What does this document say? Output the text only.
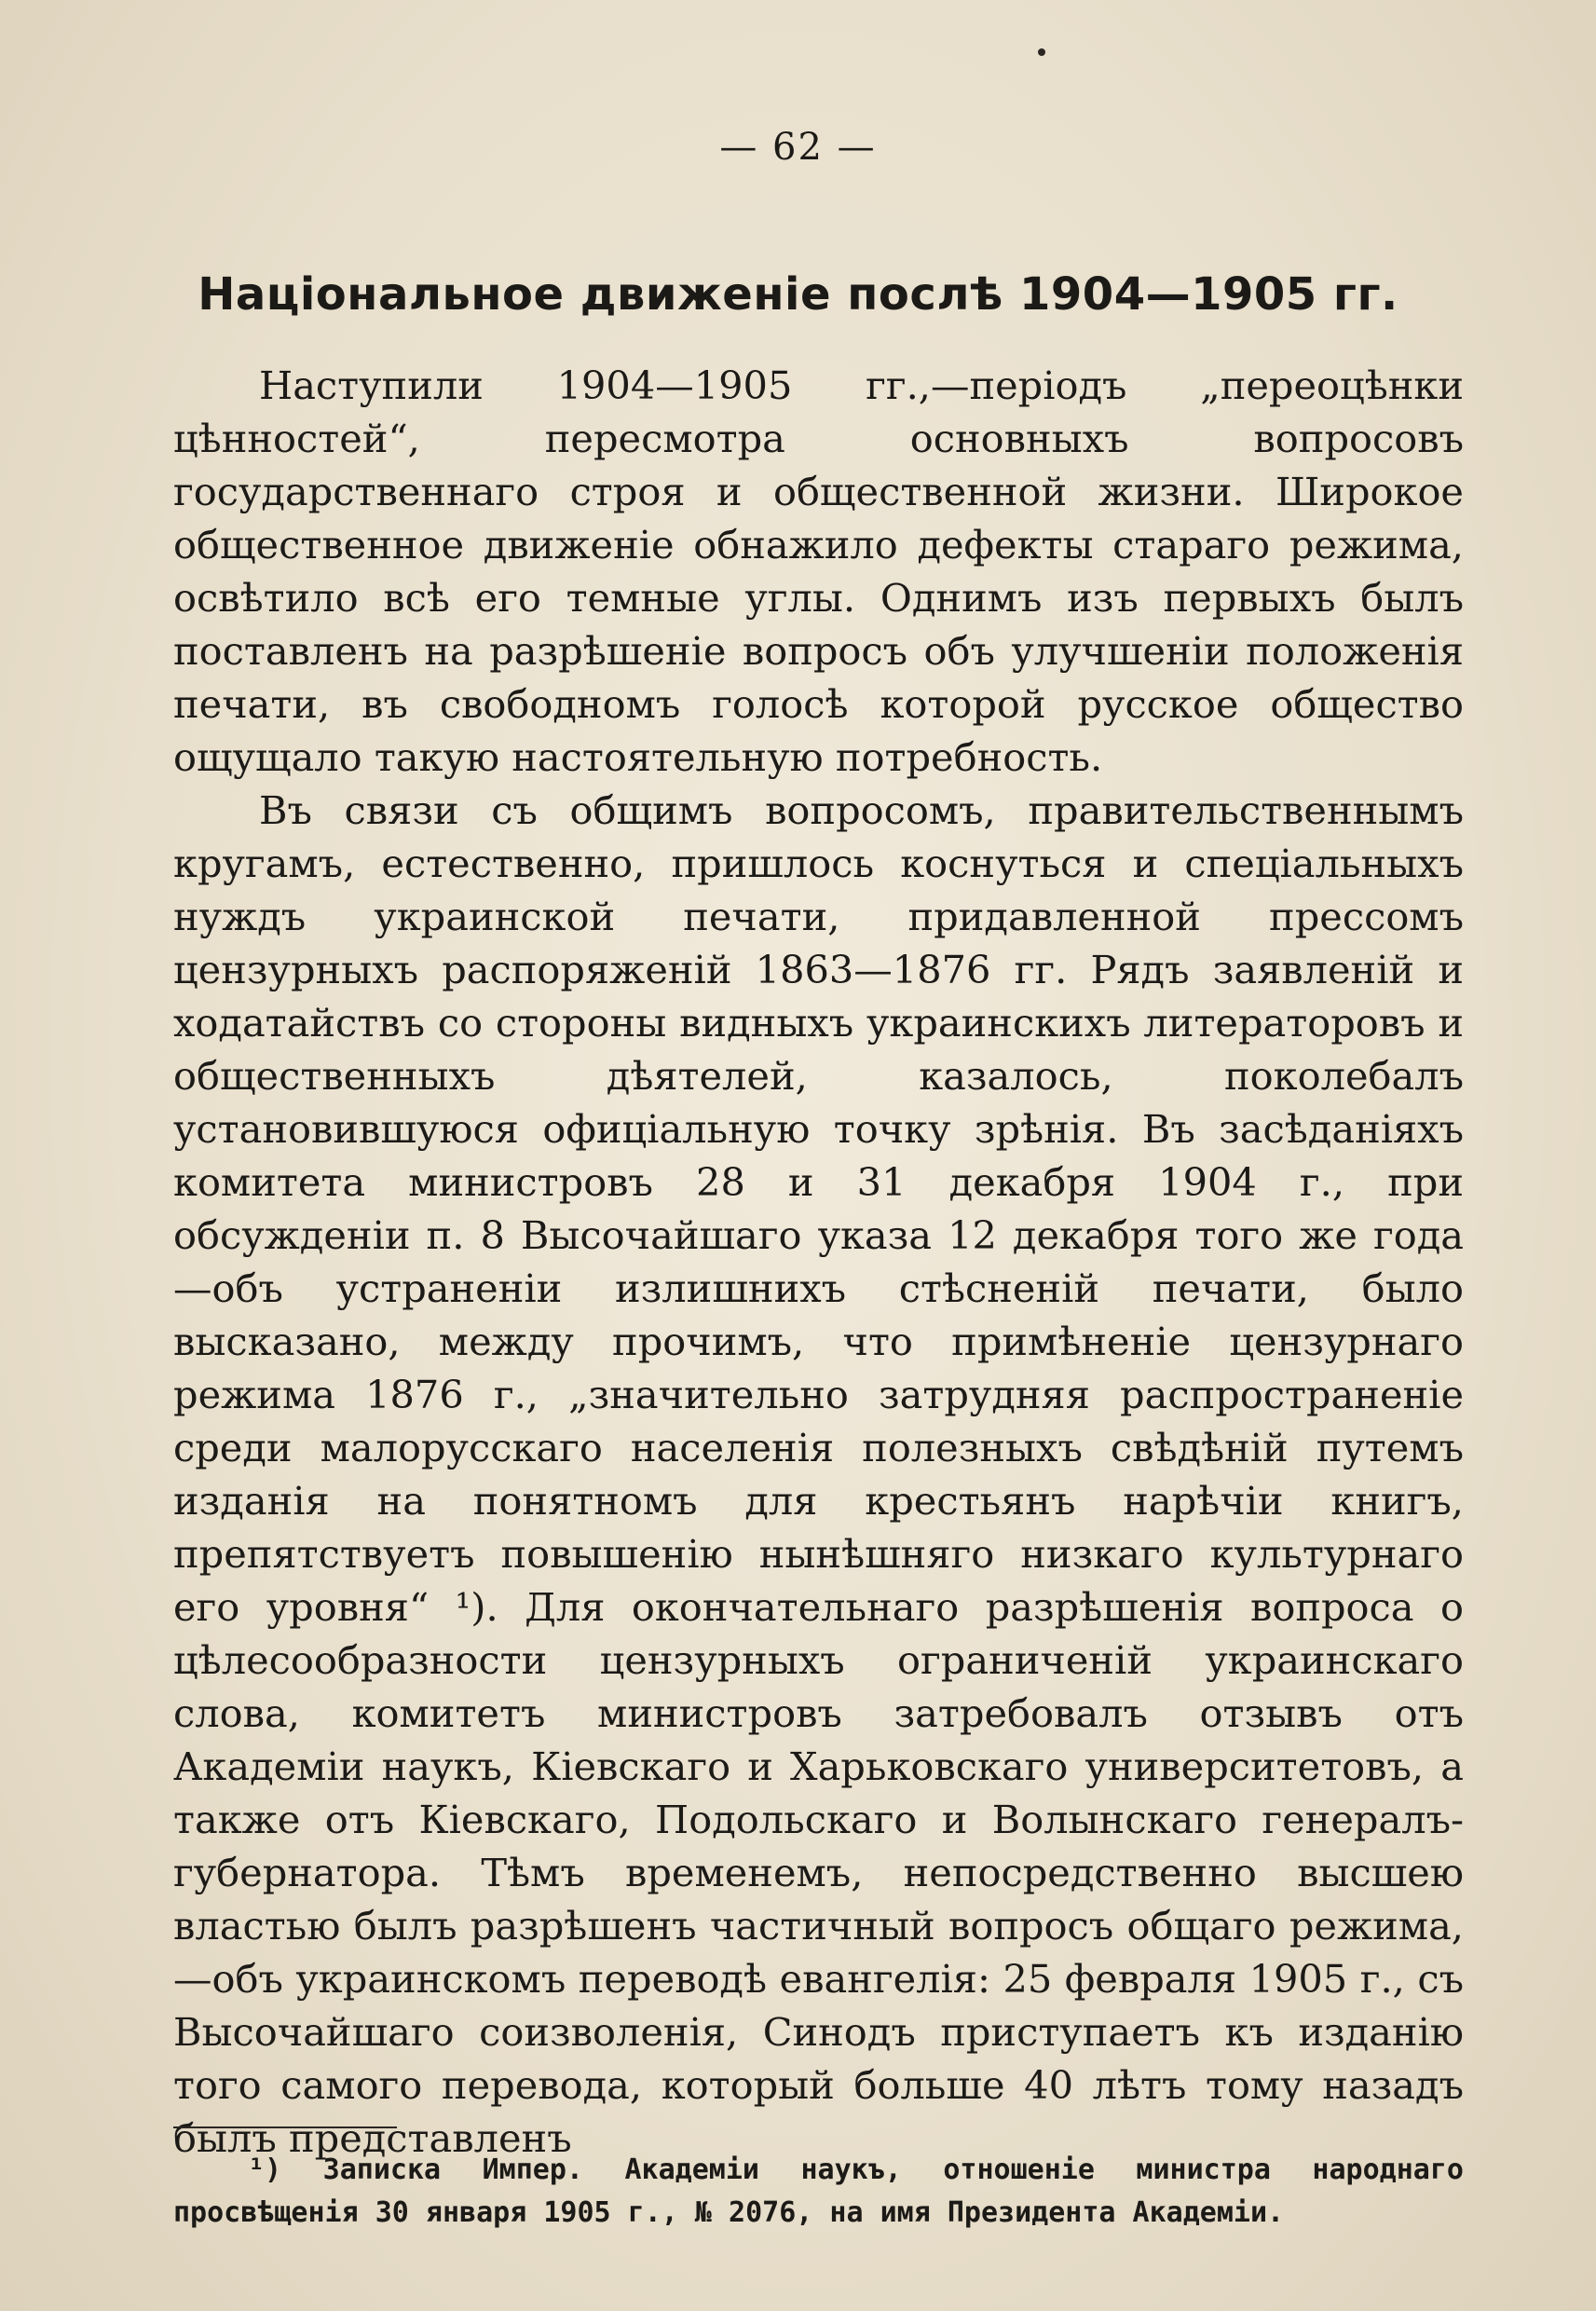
— 62 —
Національное движеніе послѣ 1904—1905 гг.

Наступили 1904—1905 гг.,—періодъ „переоцѣнки цѣнностей“, пересмотра основныхъ вопросовъ государственнаго строя и общественной жизни. Широкое общественное движеніе обнажило дефекты стараго режима, освѣтило всѣ его темные углы. Однимъ изъ первыхъ былъ поставленъ на разрѣшеніе вопросъ объ улучшеніи положенія печати, въ свободномъ голосѣ которой русское общество ощущало такую настоятельную потребность.

Въ связи съ общимъ вопросомъ, правительственнымъ кругамъ, естественно, пришлось коснуться и спеціальныхъ нуждъ украинской печати, придавленной прессомъ цензурныхъ распоряженій 1863—1876 гг. Рядъ заявленій и ходатайствъ со стороны видныхъ украинскихъ литераторовъ и общественныхъ дѣятелей, казалось, поколебалъ установившуюся офиціальную точку зрѣнія. Въ засѣданіяхъ комитета министровъ 28 и 31 декабря 1904 г., при обсужденіи п. 8 Высочайшаго указа 12 декабря того же года—объ устраненіи излишнихъ стѣсненій печати, было высказано, между прочимъ, что примѣненіе цензурнаго режима 1876 г., „значительно затрудняя распространеніе среди малорусскаго населенія полезныхъ свѣдѣній путемъ изданія на понятномъ для крестьянъ нарѣчіи книгъ, препятствуетъ повышенію нынѣшняго низкаго культурнаго его уровня“ ¹). Для окончательнаго разрѣшенія вопроса о цѣлесообразности цензурныхъ ограниченій украинскаго слова, комитетъ министровъ затребовалъ отзывъ отъ Академіи наукъ, Кіевскаго и Харьковскаго университетовъ, а также отъ Кіевскаго, Подольскаго и Волынскаго генералъ-губернатора. Тѣмъ временемъ, непосредственно высшею властью былъ разрѣшенъ частичный вопросъ общаго режима,—объ украинскомъ переводѣ евангелія: 25 февраля 1905 г., съ Высочайшаго соизволенія, Синодъ приступаетъ къ изданію того самого перевода, который больше 40 лѣтъ тому назадъ былъ представленъ

¹) Записка Импер. Академіи наукъ, отношеніе министра народнаго просвѣщенія 30 января 1905 г., № 2076, на имя Президента Академіи.
